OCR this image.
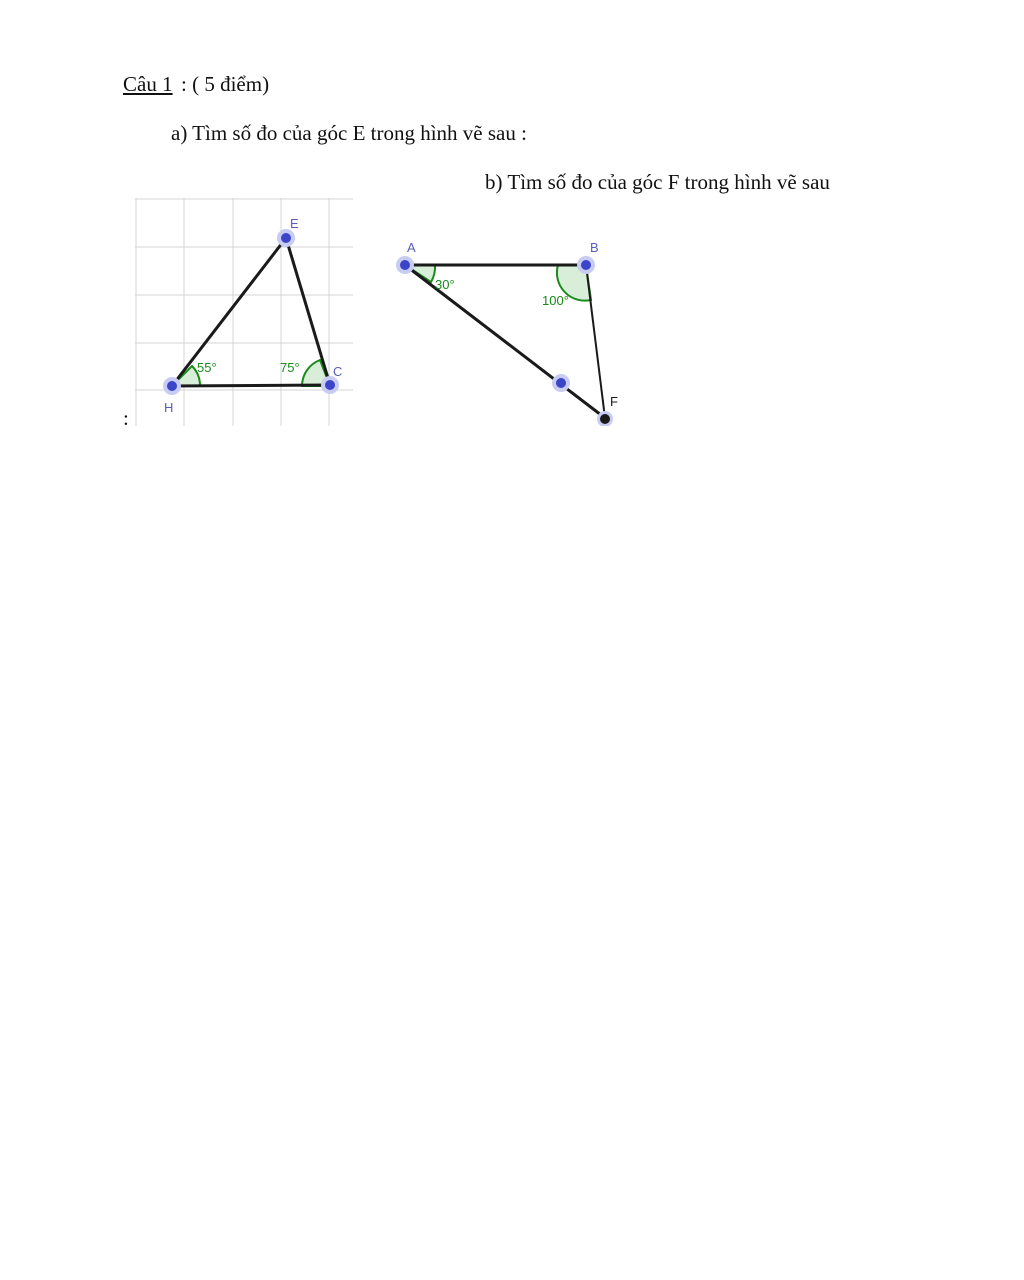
Câu 1 : ( 5 điểm)
a) Tìm số đo của góc E trong hình vẽ sau :
b) Tìm số đo của góc F trong hình vẽ sau
:
E
H
C
55°	75°
A	B
F
30°
100°
